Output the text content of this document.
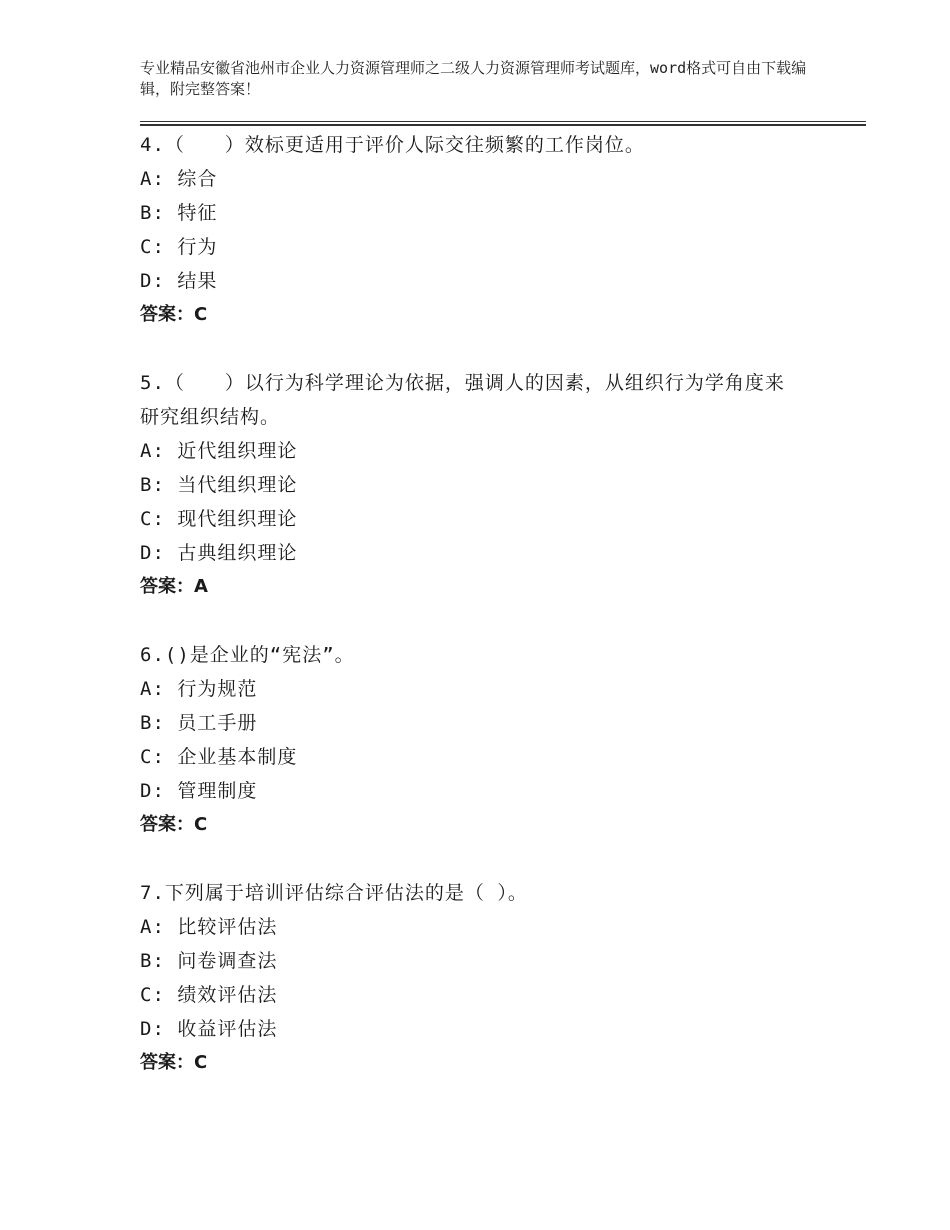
专业精品安徽省池州市企业人力资源管理师之二级人力资源管理师考试题库，word格式可自由下载编辑，附完整答案！
4.（　　）效标更适用于评价人际交往频繁的工作岗位。
A: 综合
B: 特征
C: 行为
D: 结果
答案：C
5.（　　）以行为科学理论为依据，强调人的因素，从组织行为学角度来研究组织结构。
A: 近代组织理论
B: 当代组织理论
C: 现代组织理论
D: 古典组织理论
答案：A
6.()是企业的“宪法”。
A: 行为规范
B: 员工手册
C: 企业基本制度
D: 管理制度
答案：C
7.下列属于培训评估综合评估法的是（ ）。
A: 比较评估法
B: 问卷调查法
C: 绩效评估法
D: 收益评估法
答案：C
